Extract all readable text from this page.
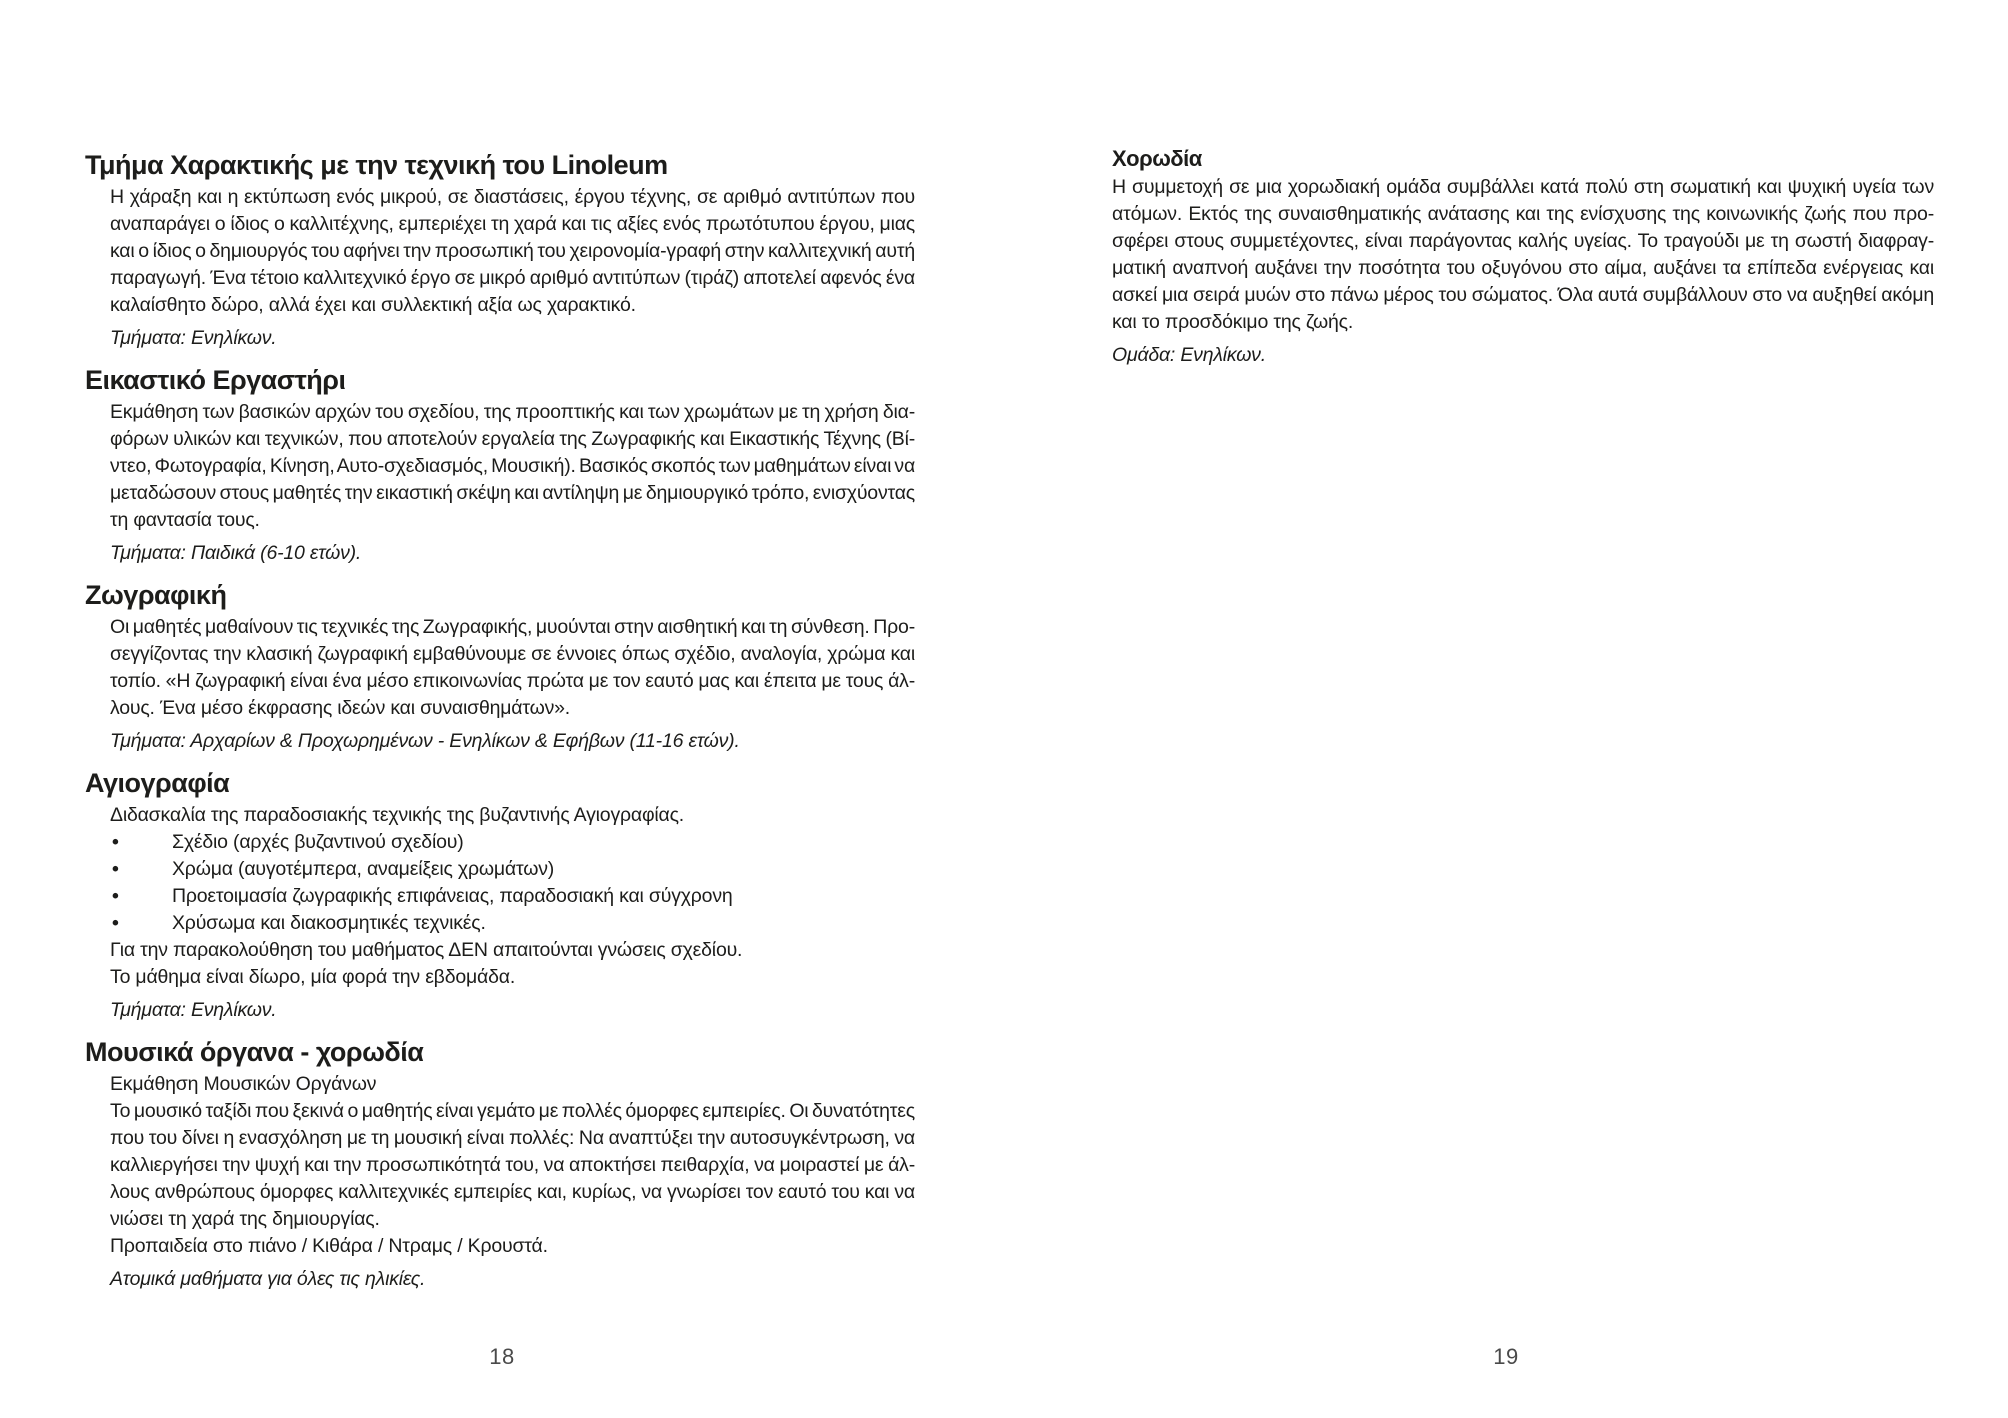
Τμήμα Χαρακτικής με την τεχνική του Linoleum
Η χάραξη και η εκτύπωση ενός μικρού, σε διαστάσεις, έργου τέχνης, σε αριθμό αντιτύπων που
αναπαράγει ο ίδιος ο καλλιτέχνης, εμπεριέχει τη χαρά και τις αξίες ενός πρωτότυπου έργου, μιας
και ο ίδιος ο δημιουργός του αφήνει την προσωπική του χειρονομία-γραφή στην καλλιτεχνική αυτή
παραγωγή. Ένα τέτοιο καλλιτεχνικό έργο σε μικρό αριθμό αντιτύπων (τιράζ) αποτελεί αφενός ένα
καλαίσθητο δώρο, αλλά έχει και συλλεκτική αξία ως χαρακτικό.
Τμήματα: Ενηλίκων.
Εικαστικό Εργαστήρι
Εκμάθηση των βασικών αρχών του σχεδίου, της προοπτικής και των χρωμάτων με τη χρήση δια-
φόρων υλικών και τεχνικών, που αποτελούν εργαλεία της Ζωγραφικής και Εικαστικής Τέχνης (Βί-
ντεο, Φωτογραφία, Κίνηση, Αυτο-σχεδιασμός, Μουσική). Βασικός σκοπός των μαθημάτων είναι να
μεταδώσουν στους μαθητές την εικαστική σκέψη και αντίληψη με δημιουργικό τρόπο, ενισχύοντας
τη φαντασία τους.
Τμήματα: Παιδικά (6-10 ετών).
Ζωγραφική
Οι μαθητές μαθαίνουν τις τεχνικές της Ζωγραφικής, μυούνται στην αισθητική και τη σύνθεση. Προ-
σεγγίζοντας την κλασική ζωγραφική εμβαθύνουμε σε έννοιες όπως σχέδιο, αναλογία, χρώμα και
τοπίο. «Η ζωγραφική είναι ένα μέσο επικοινωνίας πρώτα με τον εαυτό μας και έπειτα με τους άλ-
λους. Ένα μέσο έκφρασης ιδεών και συναισθημάτων».
Τμήματα: Αρχαρίων & Προχωρημένων - Ενηλίκων & Εφήβων (11-16 ετών).
Αγιογραφία
Διδασκαλία της παραδοσιακής τεχνικής της βυζαντινής Αγιογραφίας.
•	Σχέδιο (αρχές βυζαντινού σχεδίου)
•	Χρώμα (αυγοτέμπερα, αναμείξεις χρωμάτων)
•	Προετοιμασία ζωγραφικής επιφάνειας, παραδοσιακή και σύγχρονη
•	Χρύσωμα και διακοσμητικές τεχνικές.
Για την παρακολούθηση του μαθήματος ΔΕΝ απαιτούνται γνώσεις σχεδίου.
Το μάθημα είναι δίωρο, μία φορά την εβδομάδα.
Τμήματα: Ενηλίκων.
Μουσικά όργανα - χορωδία
Εκμάθηση Μουσικών Οργάνων
Το μουσικό ταξίδι που ξεκινά ο μαθητής είναι γεμάτο με πολλές όμορφες εμπειρίες. Οι δυνατότητες
που του δίνει η ενασχόληση με τη μουσική είναι πολλές: Να αναπτύξει την αυτοσυγκέντρωση, να
καλλιεργήσει την ψυχή και την προσωπικότητά του, να αποκτήσει πειθαρχία, να μοιραστεί με άλ-
λους ανθρώπους όμορφες καλλιτεχνικές εμπειρίες και, κυρίως, να γνωρίσει τον εαυτό του και να
νιώσει τη χαρά της δημιουργίας.
Προπαιδεία στο πιάνο / Κιθάρα / Ντραμς / Κρουστά.
Ατομικά μαθήματα για όλες τις ηλικίες.
18
Χορωδία
Η συμμετοχή σε μια χορωδιακή ομάδα συμβάλλει κατά πολύ στη σωματική και ψυχική υγεία των
ατόμων. Εκτός της συναισθηματικής ανάτασης και της ενίσχυσης της κοινωνικής ζωής που προ-
σφέρει στους συμμετέχοντες, είναι παράγοντας καλής υγείας. Το τραγούδι με τη σωστή διαφραγ-
ματική αναπνοή αυξάνει την ποσότητα του οξυγόνου στο αίμα, αυξάνει τα επίπεδα ενέργειας και
ασκεί μια σειρά μυών στο πάνω μέρος του σώματος. Όλα αυτά συμβάλλουν στο να αυξηθεί ακόμη
και το προσδόκιμο της ζωής.
Ομάδα: Ενηλίκων.
19
